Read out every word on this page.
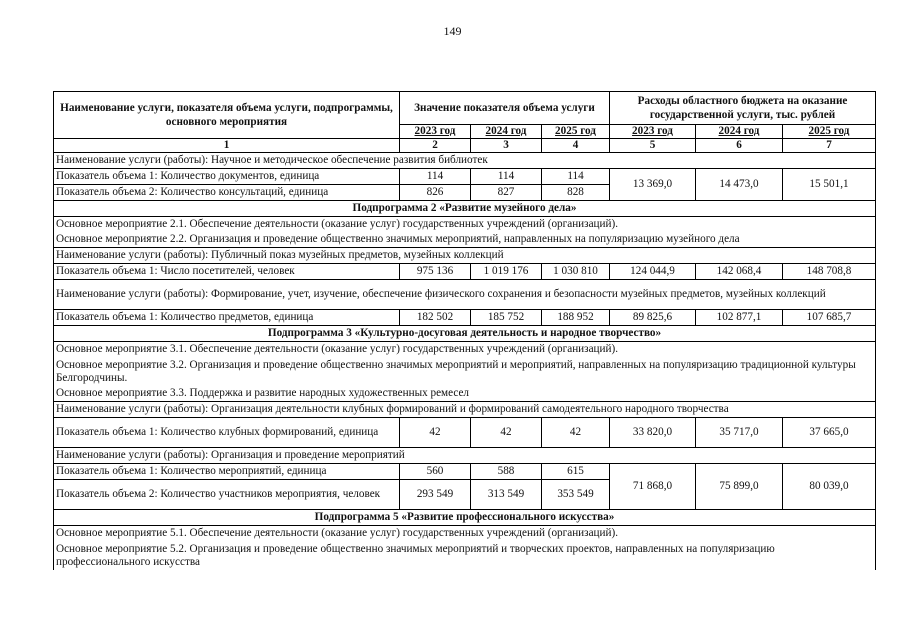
149
Наименование услуги, показателя объема услуги, подпрограммы, основного мероприятия	Значение показателя объема услуги			Расходы областного бюджета на оказание государственной услуги, тыс. рублей		
	2023 год	2024 год	2025 год	2023 год	2024 год	2025 год
1	2	3	4	5	6	7
Наименование услуги (работы): Научное и методическое обеспечение развития библиотек						
Показатель объема 1: Количество документов, единица	114	114	114	13 369,0	14 473,0	15 501,1
Показатель объема 2: Количество консультаций, единица	826	827	828			
Подпрограмма 2 «Развитие музейного дела»						
Основное мероприятие 2.1. Обеспечение деятельности (оказание услуг) государственных учреждений (организаций).						
Основное мероприятие 2.2. Организация и проведение общественно значимых мероприятий, направленных на популяризацию музейного дела						
Наименование услуги (работы): Публичный показ музейных предметов, музейных коллекций						
Показатель объема 1: Число посетителей, человек	975 136	1 019 176	1 030 810	124 044,9	142 068,4	148 708,8
Наименование услуги (работы): Формирование, учет, изучение, обеспечение физического сохранения и безопасности музейных предметов, музейных коллекций						
Показатель объема 1: Количество предметов, единица	182 502	185 752	188 952	89 825,6	102 877,1	107 685,7
Подпрограмма 3 «Культурно-досуговая деятельность и народное творчество»						
Основное мероприятие 3.1. Обеспечение деятельности (оказание услуг) государственных учреждений (организаций).						
Основное мероприятие 3.2. Организация и проведение общественно значимых мероприятий и мероприятий, направленных на популяризацию традиционной культуры Белгородчины.						
Основное мероприятие 3.3. Поддержка и развитие народных художественных ремесел						
Наименование услуги (работы): Организация деятельности клубных формирований и формирований самодеятельного народного творчества						
Показатель объема 1: Количество клубных формирований, единица	42	42	42	33 820,0	35 717,0	37 665,0
Наименование услуги (работы): Организация и проведение мероприятий						
Показатель объема 1: Количество мероприятий, единица	560	588	615	71 868,0	75 899,0	80 039,0
Показатель объема 2: Количество участников мероприятия, человек	293 549	313 549	353 549			
Подпрограмма 5 «Развитие профессионального искусства»						
Основное мероприятие 5.1. Обеспечение деятельности (оказание услуг) государственных учреждений (организаций).						
Основное мероприятие 5.2. Организация и проведение общественно значимых мероприятий и творческих проектов, направленных на популяризацию профессионального искусства						
